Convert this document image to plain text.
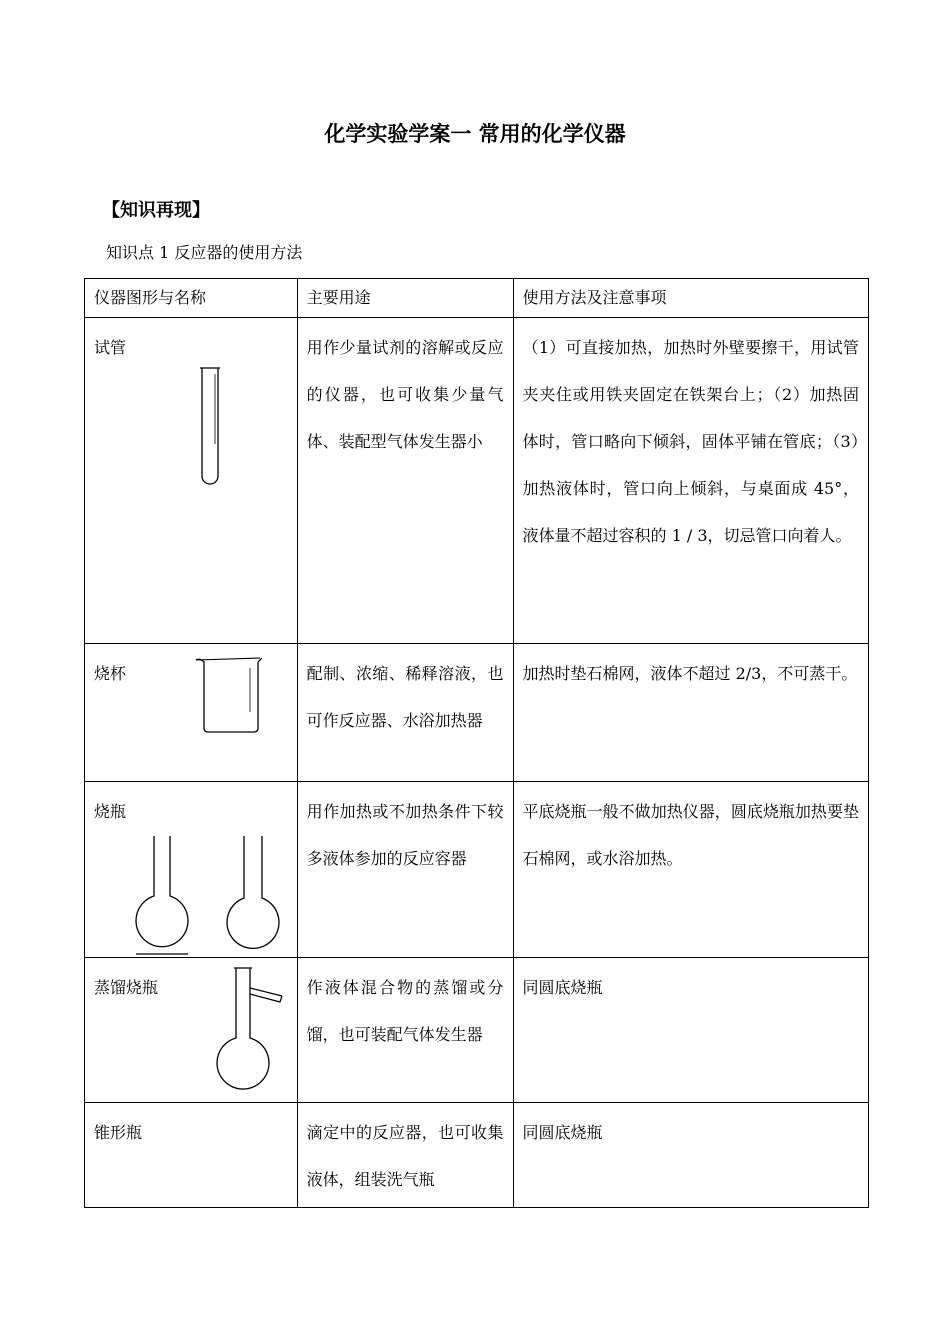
化学实验学案一 常用的化学仪器
【知识再现】
知识点 1 反应器的使用方法
仪器图形与名称	主要用途	使用方法及注意事项

试管	用作少量试剂的溶解或反应的仪器，也可收集少量气体、装配型气体发生器小	（1）可直接加热，加热时外壁要擦干，用试管夹夹住或用铁夹固定在铁架台上；（2）加热固体时，管口略向下倾斜，固体平铺在管底；（3）加热液体时，管口向上倾斜，与桌面成 45°，液体量不超过容积的 1 / 3，切忌管口向着人。

烧杯	配制、浓缩、稀释溶液，也可作反应器、水浴加热器	加热时垫石棉网，液体不超过 2/3，不可蒸干。

烧瓶	用作加热或不加热条件下较多液体参加的反应容器	平底烧瓶一般不做加热仪器，圆底烧瓶加热要垫石棉网，或水浴加热。

蒸馏烧瓶	作液体混合物的蒸馏或分馏，也可装配气体发生器	同圆底烧瓶
锥形瓶	滴定中的反应器，也可收集液体，组装洗气瓶	同圆底烧瓶
